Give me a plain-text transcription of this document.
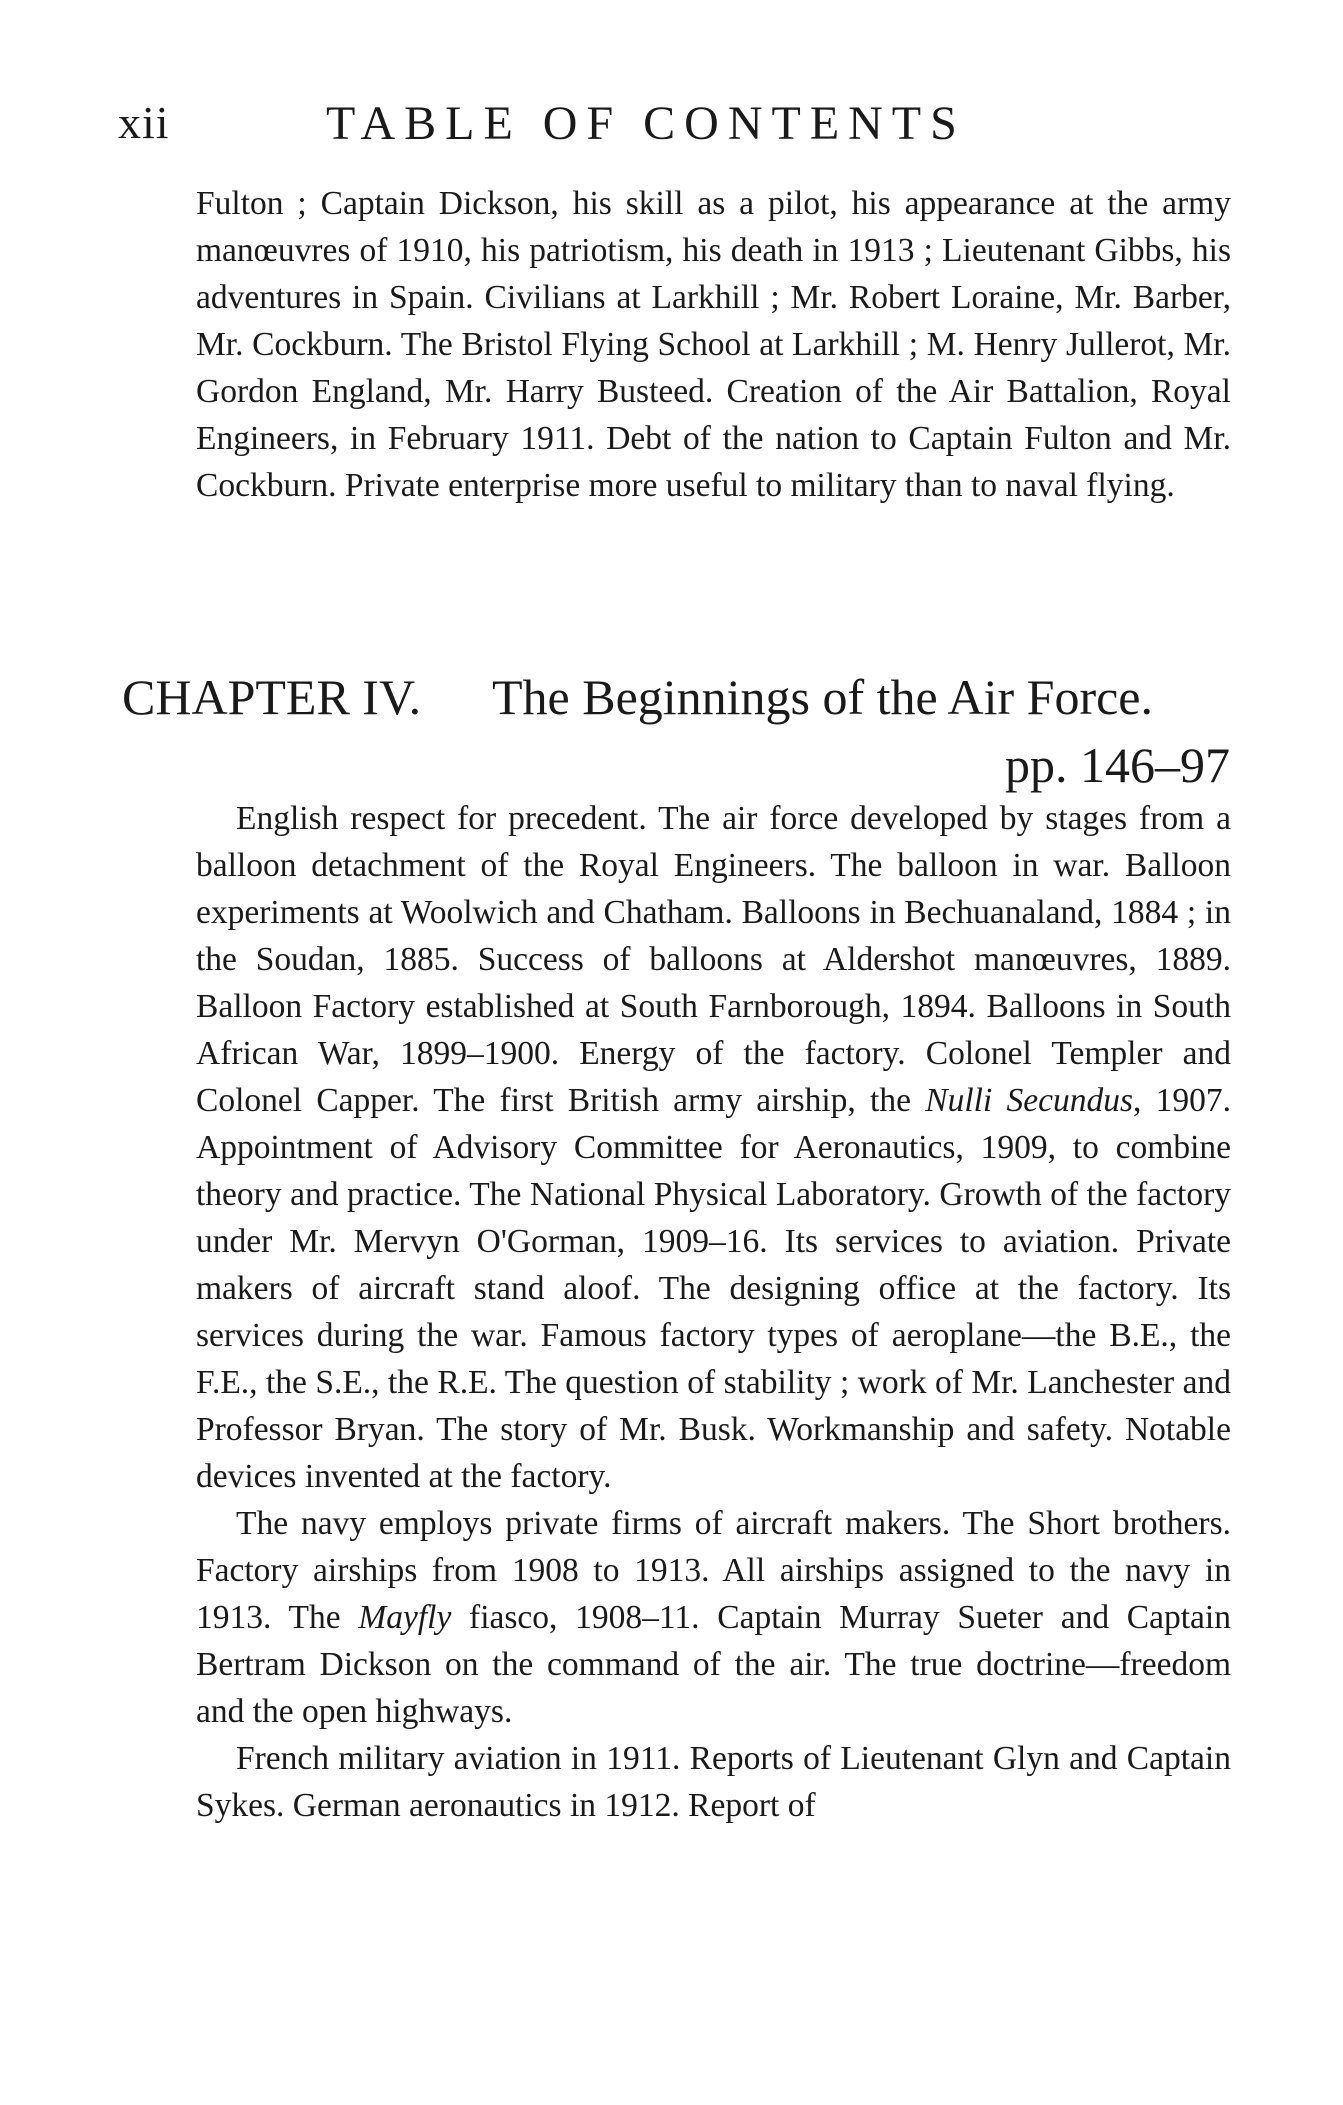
xii	TABLE OF CONTENTS

Fulton ; Captain Dickson, his skill as a pilot, his appearance at the army manœuvres of 1910, his patriotism, his death in 1913 ; Lieutenant Gibbs, his adventures in Spain. Civilians at Larkhill ; Mr. Robert Loraine, Mr. Barber, Mr. Cockburn. The Bristol Flying School at Larkhill ; M. Henry Jullerot, Mr. Gordon England, Mr. Harry Busteed. Creation of the Air Battalion, Royal Engineers, in February 1911. Debt of the nation to Captain Fulton and Mr. Cockburn. Private enterprise more useful to military than to naval flying.

CHAPTER IV. The Beginnings of the Air Force.
pp. 146–97

English respect for precedent. The air force developed by stages from a balloon detachment of the Royal Engineers. The balloon in war. Balloon experiments at Woolwich and Chatham. Balloons in Bechuanaland, 1884 ; in the Soudan, 1885. Success of balloons at Aldershot manœuvres, 1889. Balloon Factory established at South Farnborough, 1894. Balloons in South African War, 1899–1900. Energy of the factory. Colonel Templer and Colonel Capper. The first British army airship, the Nulli Secundus, 1907. Appointment of Advisory Committee for Aeronautics, 1909, to combine theory and practice. The National Physical Laboratory. Growth of the factory under Mr. Mervyn O'Gorman, 1909–16. Its services to aviation. Private makers of aircraft stand aloof. The designing office at the factory. Its services during the war. Famous factory types of aeroplane—the B.E., the F.E., the S.E., the R.E. The question of stability ; work of Mr. Lanchester and Professor Bryan. The story of Mr. Busk. Workmanship and safety. Notable devices invented at the factory.

The navy employs private firms of aircraft makers. The Short brothers. Factory airships from 1908 to 1913. All airships assigned to the navy in 1913. The Mayfly fiasco, 1908–11. Captain Murray Sueter and Captain Bertram Dickson on the command of the air. The true doctrine—freedom and the open highways.

French military aviation in 1911. Reports of Lieutenant Glyn and Captain Sykes. German aeronautics in 1912. Report of
